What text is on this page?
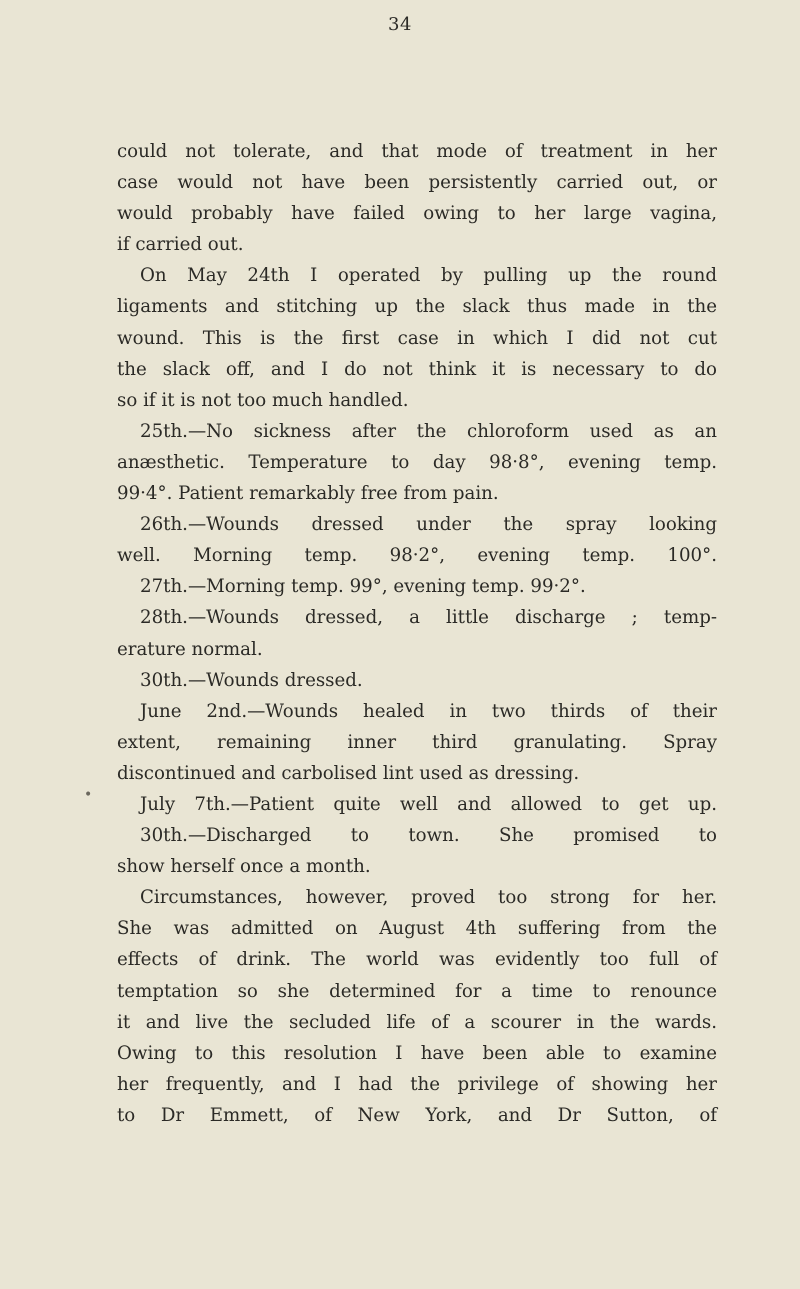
34
•
could not tolerate, and that mode of treatment in her
case would not have been persistently carried out, or
would probably have failed owing to her large vagina,
if carried out.
On May 24th I operated by pulling up the round
ligaments and stitching up the slack thus made in the
wound. This is the first case in which I did not cut
the slack off, and I do not think it is necessary to do
so if it is not too much handled.
25th.—No sickness after the chloroform used as an
anæsthetic. Temperature to day 98·8°, evening temp.
99·4°. Patient remarkably free from pain.
26th.—Wounds dressed under the spray looking
well. Morning temp. 98·2°, evening temp. 100°.
27th.—Morning temp. 99°, evening temp. 99·2°.
28th.—Wounds dressed, a little discharge ; temp-
erature normal.
30th.—Wounds dressed.
June 2nd.—Wounds healed in two thirds of their
extent, remaining inner third granulating. Spray
discontinued and carbolised lint used as dressing.
July 7th.—Patient quite well and allowed to get up.
30th.—Discharged to town. She promised to
show herself once a month.
Circumstances, however, proved too strong for her.
She was admitted on August 4th suffering from the
effects of drink. The world was evidently too full of
temptation so she determined for a time to renounce
it and live the secluded life of a scourer in the wards.
Owing to this resolution I have been able to examine
her frequently, and I had the privilege of showing her
to Dr Emmett, of New York, and Dr Sutton, of
